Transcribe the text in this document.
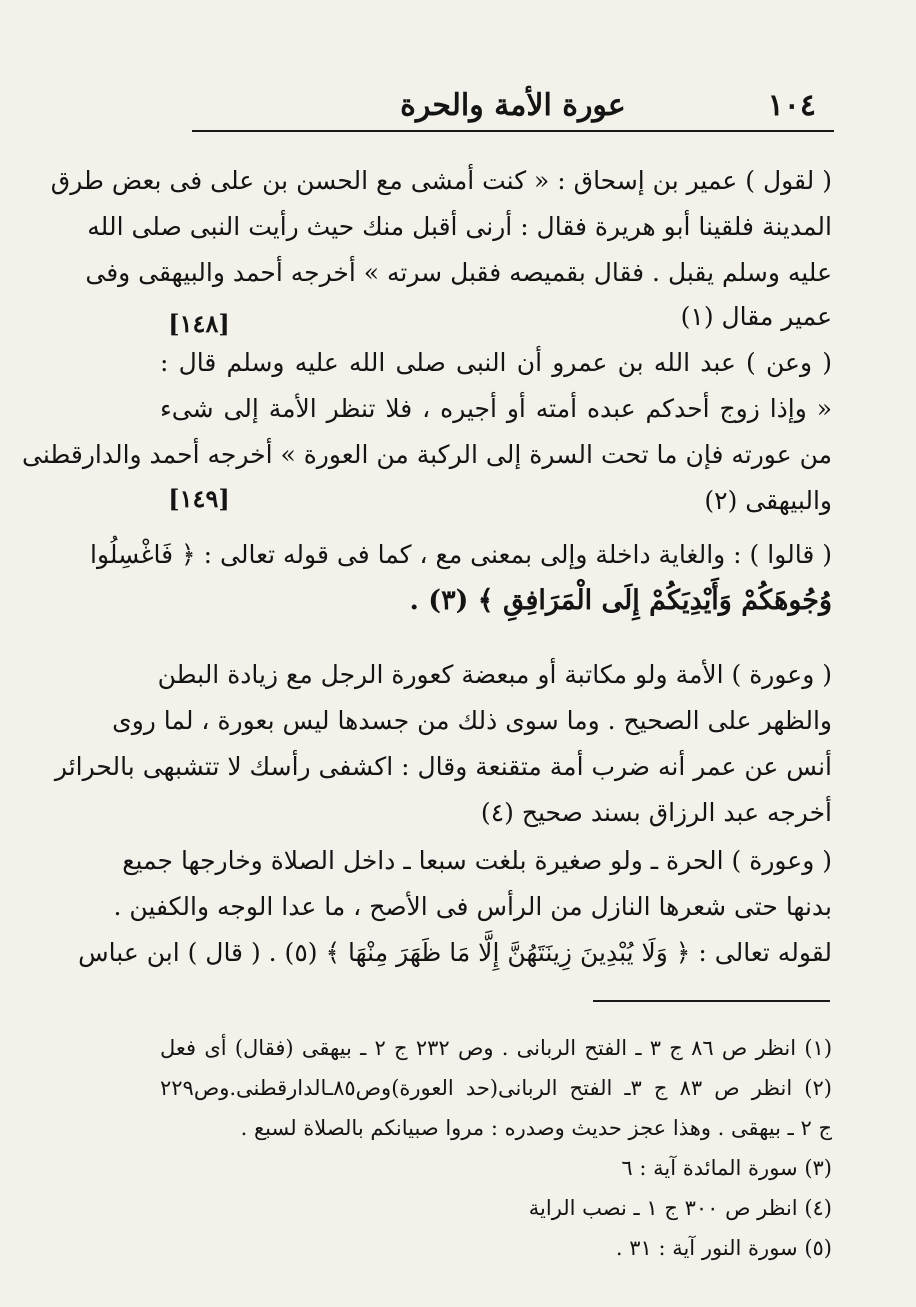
١٠٤
عورة الأمة والحرة
( لقول ) عمير بن إسحاق : « كنت أمشى مع الحسن بن على فى بعض طرق
المدينة فلقينا أبو هريرة فقال : أرنى أقبل منك حيث رأيت النبى صلى الله
عليه وسلم يقبل . فقال بقميصه فقبل سرته » أخرجه أحمد والبيهقى وفى
عمير مقال (١)
( وعن ) عبد الله بن عمرو أن النبى صلى الله عليه وسلم قال :
« وإذا زوج أحدكم عبده أمته أو أجيره ، فلا تنظر الأمة إلى شىء
من عورته فإن ما تحت السرة إلى الركبة من العورة » أخرجه أحمد والدارقطنى
والبيهقى (٢)
( قالوا ) : والغاية داخلة وإلى بمعنى مع ، كما فى قوله تعالى : ﴿ فَاغْسِلُوا
وُجُوهَكُمْ وَأَيْدِيَكُمْ إِلَى الْمَرَافِقِ ﴾ (٣) .
( وعورة ) الأمة ولو مكاتبة أو مبعضة كعورة الرجل مع زيادة البطن
والظهر على الصحيح . وما سوى ذلك من جسدها ليس بعورة ، لما روى
أنس عن عمر أنه ضرب أمة متقنعة وقال : اكشفى رأسك لا تتشبهى بالحرائر
أخرجه عبد الرزاق بسند صحيح (٤)
( وعورة ) الحرة ـ ولو صغيرة بلغت سبعا ـ داخل الصلاة وخارجها جميع
بدنها حتى شعرها النازل من الرأس فى الأصح ، ما عدا الوجه والكفين .
لقوله تعالى : ﴿ وَلَا يُبْدِينَ زِينَتَهُنَّ إِلَّا مَا ظَهَرَ مِنْهَا ﴾ (٥) . ( قال ) ابن عباس
[١٤٨]
[١٤٩]
(١) انظر ص ٨٦ ج ٣ ـ الفتح الربانى . وص ٢٣٢ ج ٢ ـ بيهقى (فقال) أى فعل
(٢) انظر ص ٨٣ ج ٣ـ الفتح الربانى(حد العورة)وص٨٥ـالدارقطنى.وص٢٢٩
ج ٢ ـ بيهقى . وهذا عجز حديث وصدره : مروا صبيانكم بالصلاة لسبع .
(٣) سورة المائدة آية : ٦
(٤) انظر ص ٣٠٠ ج ١ ـ نصب الراية
(٥) سورة النور آية : ٣١ .
